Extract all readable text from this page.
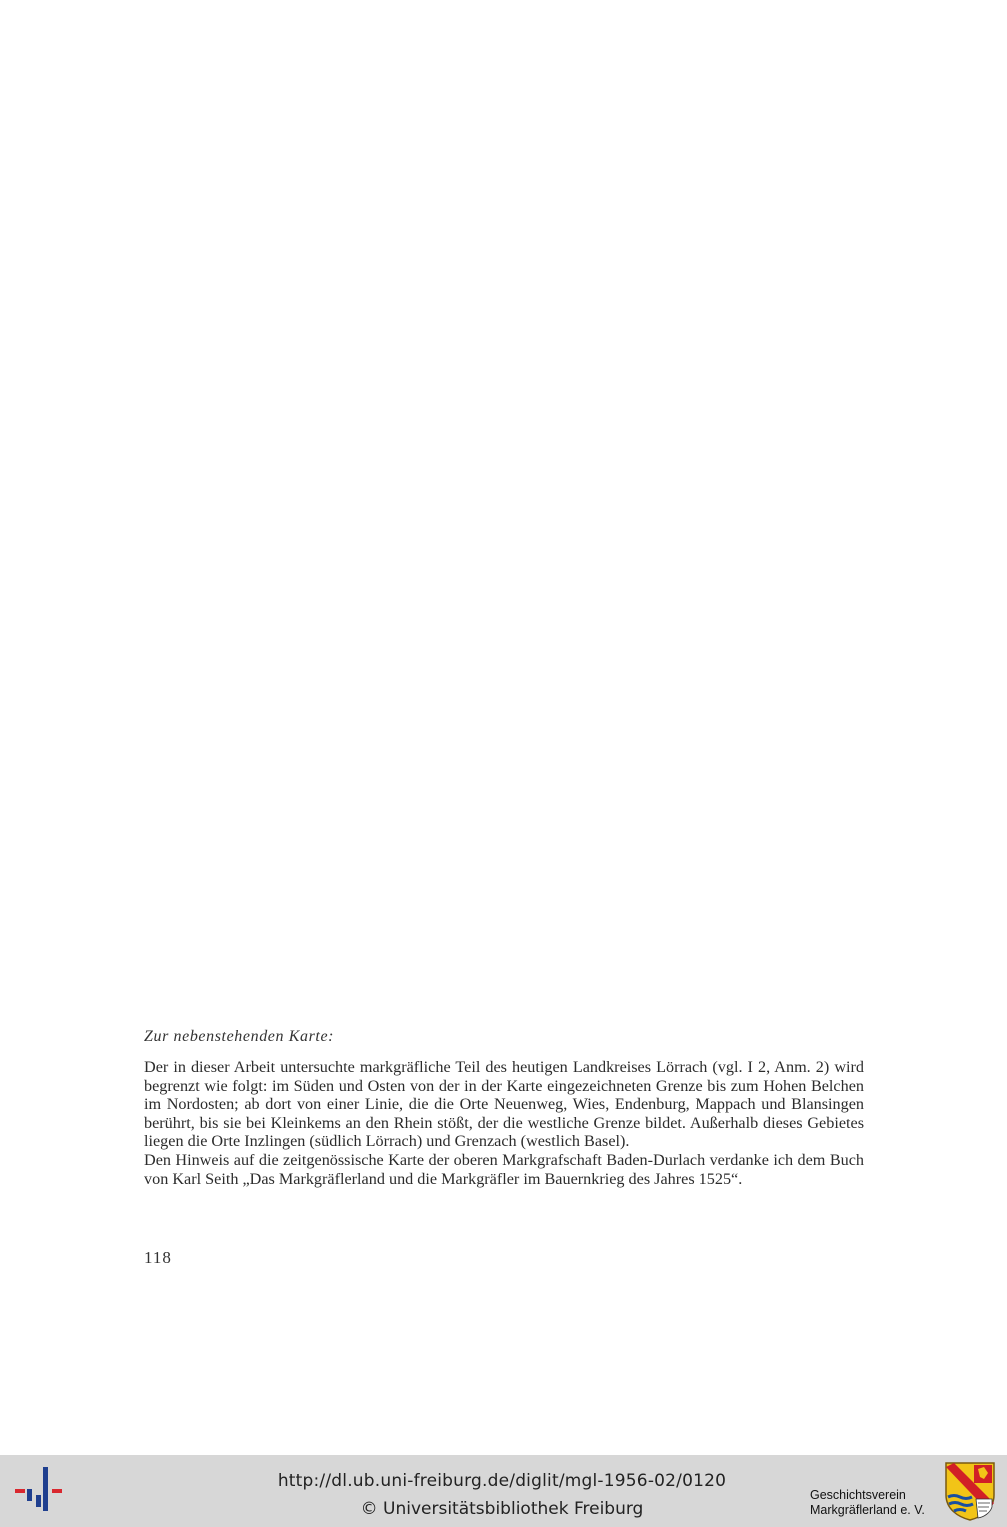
Zur nebenstehenden Karte:

Der in dieser Arbeit untersuchte markgräfliche Teil des heutigen Landkreises Lörrach (vgl. I 2, Anm. 2) wird begrenzt wie folgt: im Süden und Osten von der in der Karte eingezeichneten Grenze bis zum Hohen Belchen im Nordosten; ab dort von einer Linie, die die Orte Neuenweg, Wies, Endenburg, Mappach und Blansingen berührt, bis sie bei Kleinkems an den Rhein stößt, der die westliche Grenze bildet. Außerhalb dieses Gebietes liegen die Orte Inzlingen (südlich Lörrach) und Grenzach (westlich Basel).

Den Hinweis auf die zeitgenössische Karte der oberen Markgrafschaft Baden-Durlach verdanke ich dem Buch von Karl Seith „Das Markgräflerland und die Markgräfler im Bauernkrieg des Jahres 1525“.

118
http://dl.ub.uni-freiburg.de/diglit/mgl-1956-02/0120
© Universitätsbibliothek Freiburg
Geschichtsverein
Markgräflerland e. V.
